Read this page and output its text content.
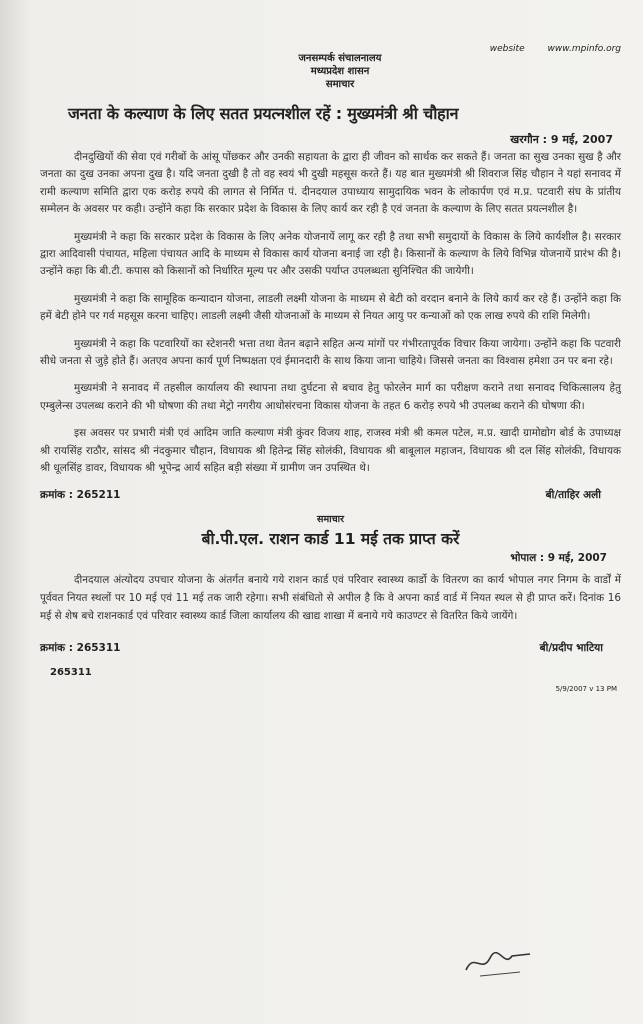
जनसम्पर्क संचालनालय
मध्यप्रदेश शासन
समाचार
website	www.mpinfo.org
जनता के कल्याण के लिए सतत प्रयत्नशील रहें : मुख्यमंत्री श्री चौहान
खरगौन : 9 मई, 2007

दीनदुखियों की सेवा एवं गरीबों के आंसू पोंछकर और उनकी सहायता के द्वारा ही जीवन को सार्थक कर सकते हैं। जनता का सुख उनका सुख है और जनता का दुख उनका अपना दुख है। यदि जनता दुखी है तो वह स्वयं भी दुखी महसूस करते हैं। यह बात मुख्यमंत्री श्री शिवराज सिंह चौहान ने यहां सनावद में रामी कल्याण समिति द्वारा एक करोड़ रुपये की लागत से निर्मित पं. दीनदयाल उपाध्याय सामुदायिक भवन के लोकार्पण एवं म.प्र. पटवारी संघ के प्रांतीय सम्मेलन के अवसर पर कही। उन्होंने कहा कि सरकार प्रदेश के विकास के लिए कार्य कर रही है एवं जनता के कल्याण के लिए सतत प्रयत्नशील है।

मुख्यमंत्री ने कहा कि सरकार प्रदेश के विकास के लिए अनेक योजनायें लागू कर रही है तथा सभी समुदायों के विकास के लिये कार्यशील है। सरकार द्वारा आदिवासी पंचायत, महिला पंचायत आदि के माध्यम से विकास कार्य योजना बनाई जा रही है। किसानों के कल्याण के लिये विभिन्न योजनायें प्रारंभ की है। उन्होंने कहा कि बी.टी. कपास को किसानों को निर्धारित मूल्य पर और उसकी पर्याप्त उपलब्धता सुनिश्चित की जायेगी।

मुख्यमंत्री ने कहा कि सामूहिक कन्यादान योजना, लाडली लक्ष्मी योजना के माध्यम से बेटी को वरदान बनाने के लिये कार्य कर रहे हैं। उन्होंने कहा कि हमें बेटी होने पर गर्व महसूस करना चाहिए। लाडली लक्ष्मी जैसी योजनाओं के माध्यम से नियत आयु पर कन्याओं को एक लाख रुपये की राशि मिलेगी।

मुख्यमंत्री ने कहा कि पटवारियों का स्टेशनरी भत्ता तथा वेतन बढ़ाने सहित अन्य मांगों पर गंभीरतापूर्वक विचार किया जायेगा। उन्होंने कहा कि पटवारी सीधे जनता से जुड़े होते हैं। अतएव अपना कार्य पूर्ण निष्पक्षता एवं ईमानदारी के साथ किया जाना चाहिये। जिससे जनता का विश्वास हमेशा उन पर बना रहे।

मुख्यमंत्री ने सनावद में तहसील कार्यालय की स्थापना तथा दुर्घटना से बचाव हेतु फोरलेन मार्ग का परीक्षण कराने तथा सनावद चिकित्सालय हेतु एम्बुलेन्स उपलब्ध कराने की भी घोषणा की तथा मेट्रो नगरीय आधोसंरचना विकास योजना के तहत 6 करोड़ रुपये भी उपलब्ध कराने की घोषणा की।

इस अवसर पर प्रभारी मंत्री एवं आदिम जाति कल्याण मंत्री कुंवर विजय शाह, राजस्व मंत्री श्री कमल पटेल, म.प्र. खादी ग्रामोद्योग बोर्ड के उपाध्यक्ष श्री रायसिंह राठौर, सांसद श्री नंदकुमार चौहान, विधायक श्री हितेन्द्र सिंह सोलंकी, विधायक श्री बाबूलाल महाजन, विधायक श्री दल सिंह सोलंकी, विधायक श्री धूलसिंह डावर, विधायक श्री भूपेन्द्र आर्य सहित बड़ी संख्या में ग्रामीण जन उपस्थित थे।

क्रमांक : 265211	बी/ताहिर अली
समाचार
बी.पी.एल. राशन कार्ड 11 मई तक प्राप्त करें
भोपाल : 9 मई, 2007

दीनदयाल अंत्योदय उपचार योजना के अंतर्गत बनाये गये राशन कार्ड एवं परिवार स्वास्थ्य कार्डो के वितरण का कार्य भोपाल नगर निगम के वार्डों में पूर्ववत नियत स्थलों पर 10 मई एवं 11 मई तक जारी रहेगा। सभी संबंधितो से अपील है कि वे अपना कार्ड वार्ड में नियत स्थल से ही प्राप्त करें। दिनांक 16 मई से शेष बचे राशनकार्ड एवं परिवार स्वास्थ्य कार्ड जिला कार्यालय की खाद्य शाखा में बनाये गये काउण्टर से वितरित किये जायेंगे।

क्रमांक : 265311
265311
बी/प्रदीप भाटिया
5/9/2007 v 13 PM
